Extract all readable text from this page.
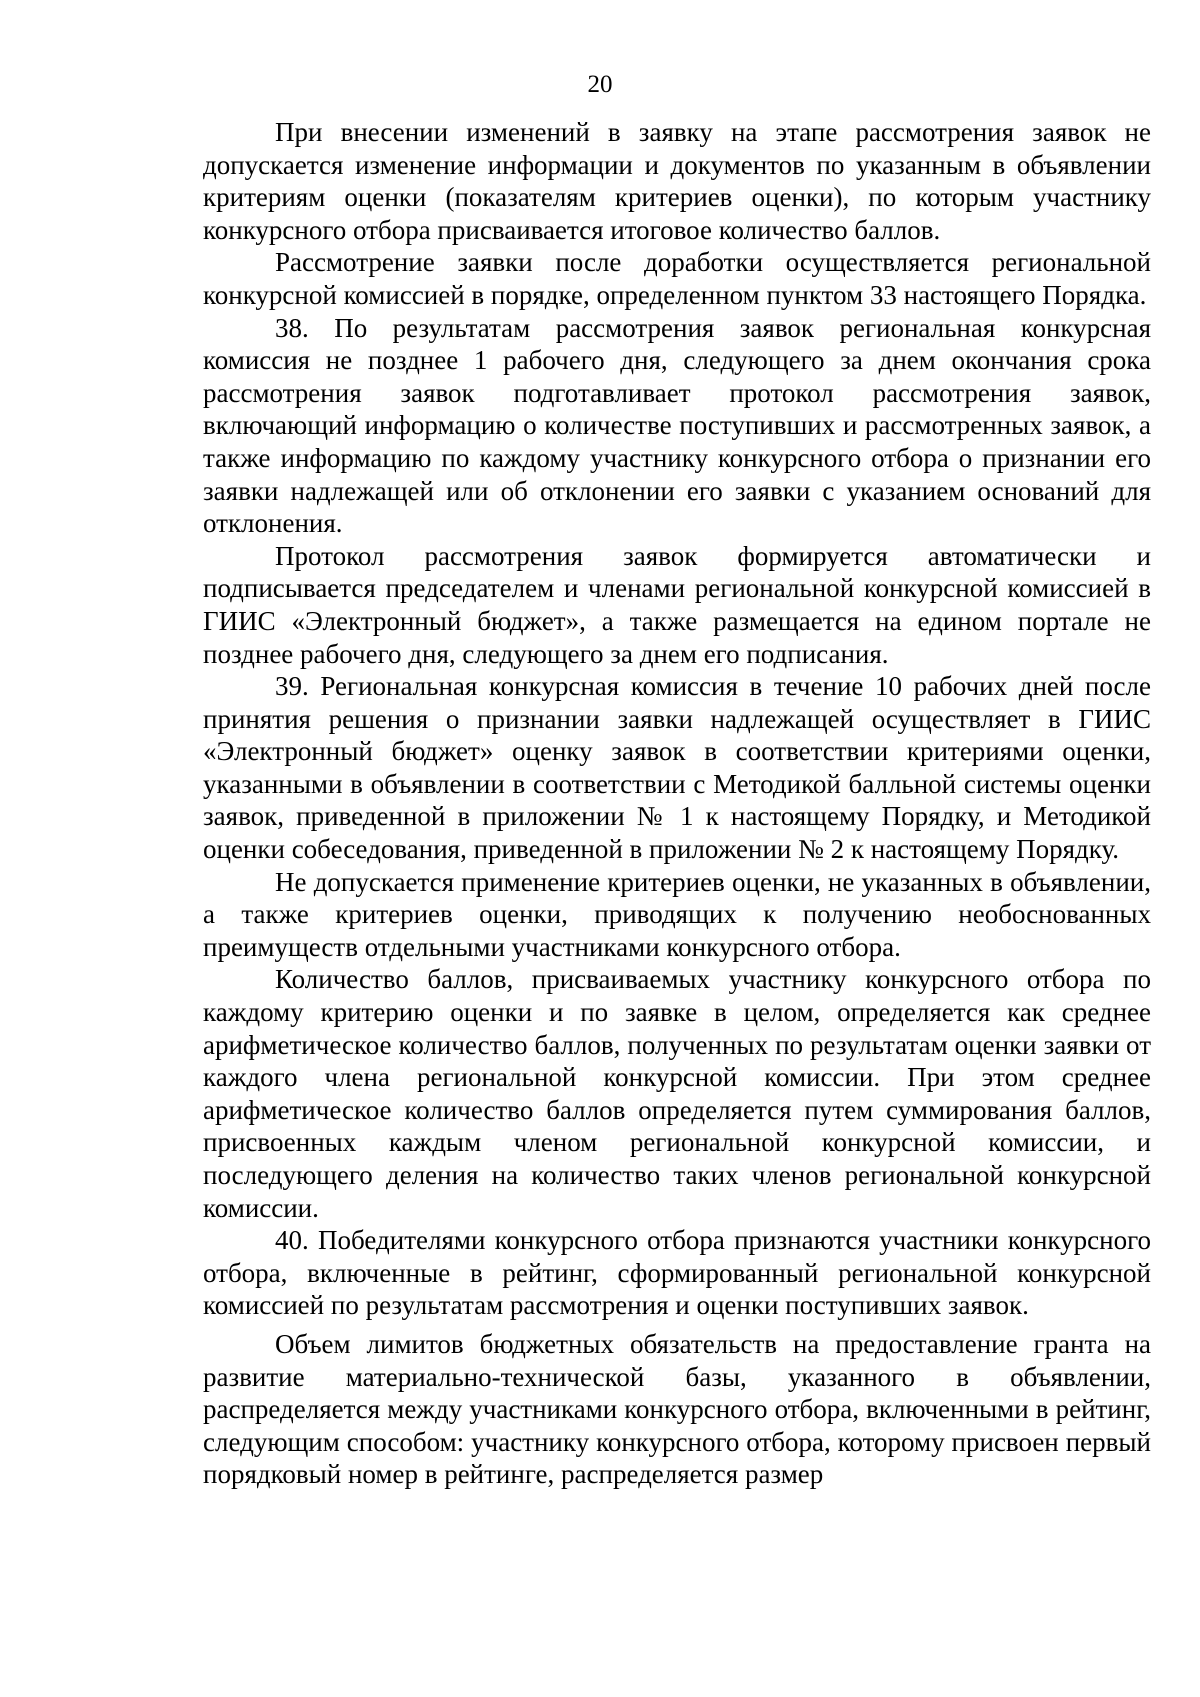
20

При внесении изменений в заявку на этапе рассмотрения заявок не допускается изменение информации и документов по указанным в объявлении критериям оценки (показателям критериев оценки), по которым участнику конкурсного отбора присваивается итоговое количество баллов.

Рассмотрение заявки после доработки осуществляется региональной конкурсной комиссией в порядке, определенном пунктом 33 настоящего Порядка.

38. По результатам рассмотрения заявок региональная конкурсная комиссия не позднее 1 рабочего дня, следующего за днем окончания срока рассмотрения заявок подготавливает протокол рассмотрения заявок, включающий информацию о количестве поступивших и рассмотренных заявок, а также информацию по каждому участнику конкурсного отбора о признании его заявки надлежащей или об отклонении его заявки с указанием оснований для отклонения.

Протокол рассмотрения заявок формируется автоматически и подписывается председателем и членами региональной конкурсной комиссией в ГИИС «Электронный бюджет», а также размещается на едином портале не позднее рабочего дня, следующего за днем его подписания.

39. Региональная конкурсная комиссия в течение 10 рабочих дней после принятия решения о признании заявки надлежащей осуществляет в ГИИС «Электронный бюджет» оценку заявок в соответствии критериями оценки, указанными в объявлении в соответствии с Методикой балльной системы оценки заявок, приведенной в приложении № 1 к настоящему Порядку, и Методикой оценки собеседования, приведенной в приложении № 2 к настоящему Порядку.

Не допускается применение критериев оценки, не указанных в объявлении, а также критериев оценки, приводящих к получению необоснованных преимуществ отдельными участниками конкурсного отбора.

Количество баллов, присваиваемых участнику конкурсного отбора по каждому критерию оценки и по заявке в целом, определяется как среднее арифметическое количество баллов, полученных по результатам оценки заявки от каждого члена региональной конкурсной комиссии. При этом среднее арифметическое количество баллов определяется путем суммирования баллов, присвоенных каждым членом региональной конкурсной комиссии, и последующего деления на количество таких членов региональной конкурсной комиссии.

40. Победителями конкурсного отбора признаются участники конкурсного отбора, включенные в рейтинг, сформированный региональной конкурсной комиссией по результатам рассмотрения и оценки поступивших заявок.

Объем лимитов бюджетных обязательств на предоставление гранта на развитие материально-технической базы, указанного в объявлении, распределяется между участниками конкурсного отбора, включенными в рейтинг, следующим способом: участнику конкурсного отбора, которому присвоен первый порядковый номер в рейтинге, распределяется размер
